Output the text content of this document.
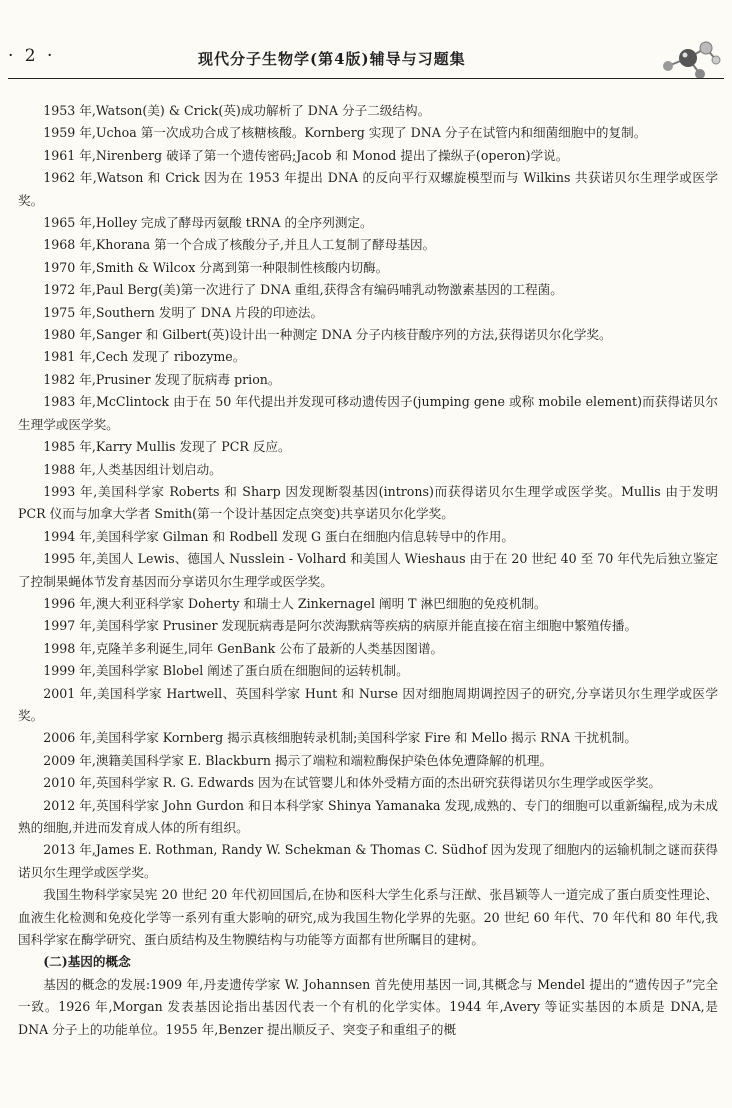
· 2 ·	现代分子生物学(第4版)辅导与习题集

1953 年,Watson(美) & Crick(英)成功解析了 DNA 分子二级结构。

1959 年,Uchoa 第一次成功合成了核糖核酸。Kornberg 实现了 DNA 分子在试管内和细菌细胞中的复制。

1961 年,Nirenberg 破译了第一个遗传密码;Jacob 和 Monod 提出了操纵子(operon)学说。

1962 年,Watson 和 Crick 因为在 1953 年提出 DNA 的反向平行双螺旋模型而与 Wilkins 共获诺贝尔生理学或医学奖。

1965 年,Holley 完成了酵母丙氨酸 tRNA 的全序列测定。

1968 年,Khorana 第一个合成了核酸分子,并且人工复制了酵母基因。

1970 年,Smith & Wilcox 分离到第一种限制性核酸内切酶。

1972 年,Paul Berg(美)第一次进行了 DNA 重组,获得含有编码哺乳动物激素基因的工程菌。

1975 年,Southern 发明了 DNA 片段的印迹法。

1980 年,Sanger 和 Gilbert(英)设计出一种测定 DNA 分子内核苷酸序列的方法,获得诺贝尔化学奖。

1981 年,Cech 发现了 ribozyme。

1982 年,Prusiner 发现了朊病毒 prion。

1983 年,McClintock 由于在 50 年代提出并发现可移动遗传因子(jumping gene 或称 mobile element)而获得诺贝尔生理学或医学奖。

1985 年,Karry Mullis 发现了 PCR 反应。

1988 年,人类基因组计划启动。

1993 年,美国科学家 Roberts 和 Sharp 因发现断裂基因(introns)而获得诺贝尔生理学或医学奖。Mullis 由于发明 PCR 仪而与加拿大学者 Smith(第一个设计基因定点突变)共享诺贝尔化学奖。

1994 年,美国科学家 Gilman 和 Rodbell 发现 G 蛋白在细胞内信息转导中的作用。

1995 年,美国人 Lewis、德国人 Nusslein - Volhard 和美国人 Wieshaus 由于在 20 世纪 40 至 70 年代先后独立鉴定了控制果蝇体节发育基因而分享诺贝尔生理学或医学奖。

1996 年,澳大利亚科学家 Doherty 和瑞士人 Zinkernagel 阐明 T 淋巴细胞的免疫机制。

1997 年,美国科学家 Prusiner 发现朊病毒是阿尔茨海默病等疾病的病原并能直接在宿主细胞中繁殖传播。

1998 年,克隆羊多利诞生,同年 GenBank 公布了最新的人类基因图谱。

1999 年,美国科学家 Blobel 阐述了蛋白质在细胞间的运转机制。

2001 年,美国科学家 Hartwell、英国科学家 Hunt 和 Nurse 因对细胞周期调控因子的研究,分享诺贝尔生理学或医学奖。

2006 年,美国科学家 Kornberg 揭示真核细胞转录机制;美国科学家 Fire 和 Mello 揭示 RNA 干扰机制。

2009 年,澳籍美国科学家 E. Blackburn 揭示了端粒和端粒酶保护染色体免遭降解的机理。

2010 年,英国科学家 R. G. Edwards 因为在试管婴儿和体外受精方面的杰出研究获得诺贝尔生理学或医学奖。

2012 年,英国科学家 John Gurdon 和日本科学家 Shinya Yamanaka 发现,成熟的、专门的细胞可以重新编程,成为未成熟的细胞,并进而发育成人体的所有组织。

2013 年,James E. Rothman, Randy W. Schekman & Thomas C. Südhof 因为发现了细胞内的运输机制之谜而获得诺贝尔生理学或医学奖。

我国生物科学家吴宪 20 世纪 20 年代初回国后,在协和医科大学生化系与汪猷、张昌颖等人一道完成了蛋白质变性理论、血液生化检测和免疫化学等一系列有重大影响的研究,成为我国生物化学界的先驱。20 世纪 60 年代、70 年代和 80 年代,我国科学家在酶学研究、蛋白质结构及生物膜结构与功能等方面都有世所瞩目的建树。

(二)基因的概念

基因的概念的发展:1909 年,丹麦遗传学家 W. Johannsen 首先使用基因一词,其概念与 Mendel 提出的“遗传因子”完全一致。1926 年,Morgan 发表基因论指出基因代表一个有机的化学实体。1944 年,Avery 等证实基因的本质是 DNA,是 DNA 分子上的功能单位。1955 年,Benzer 提出顺反子、突变子和重组子的概
